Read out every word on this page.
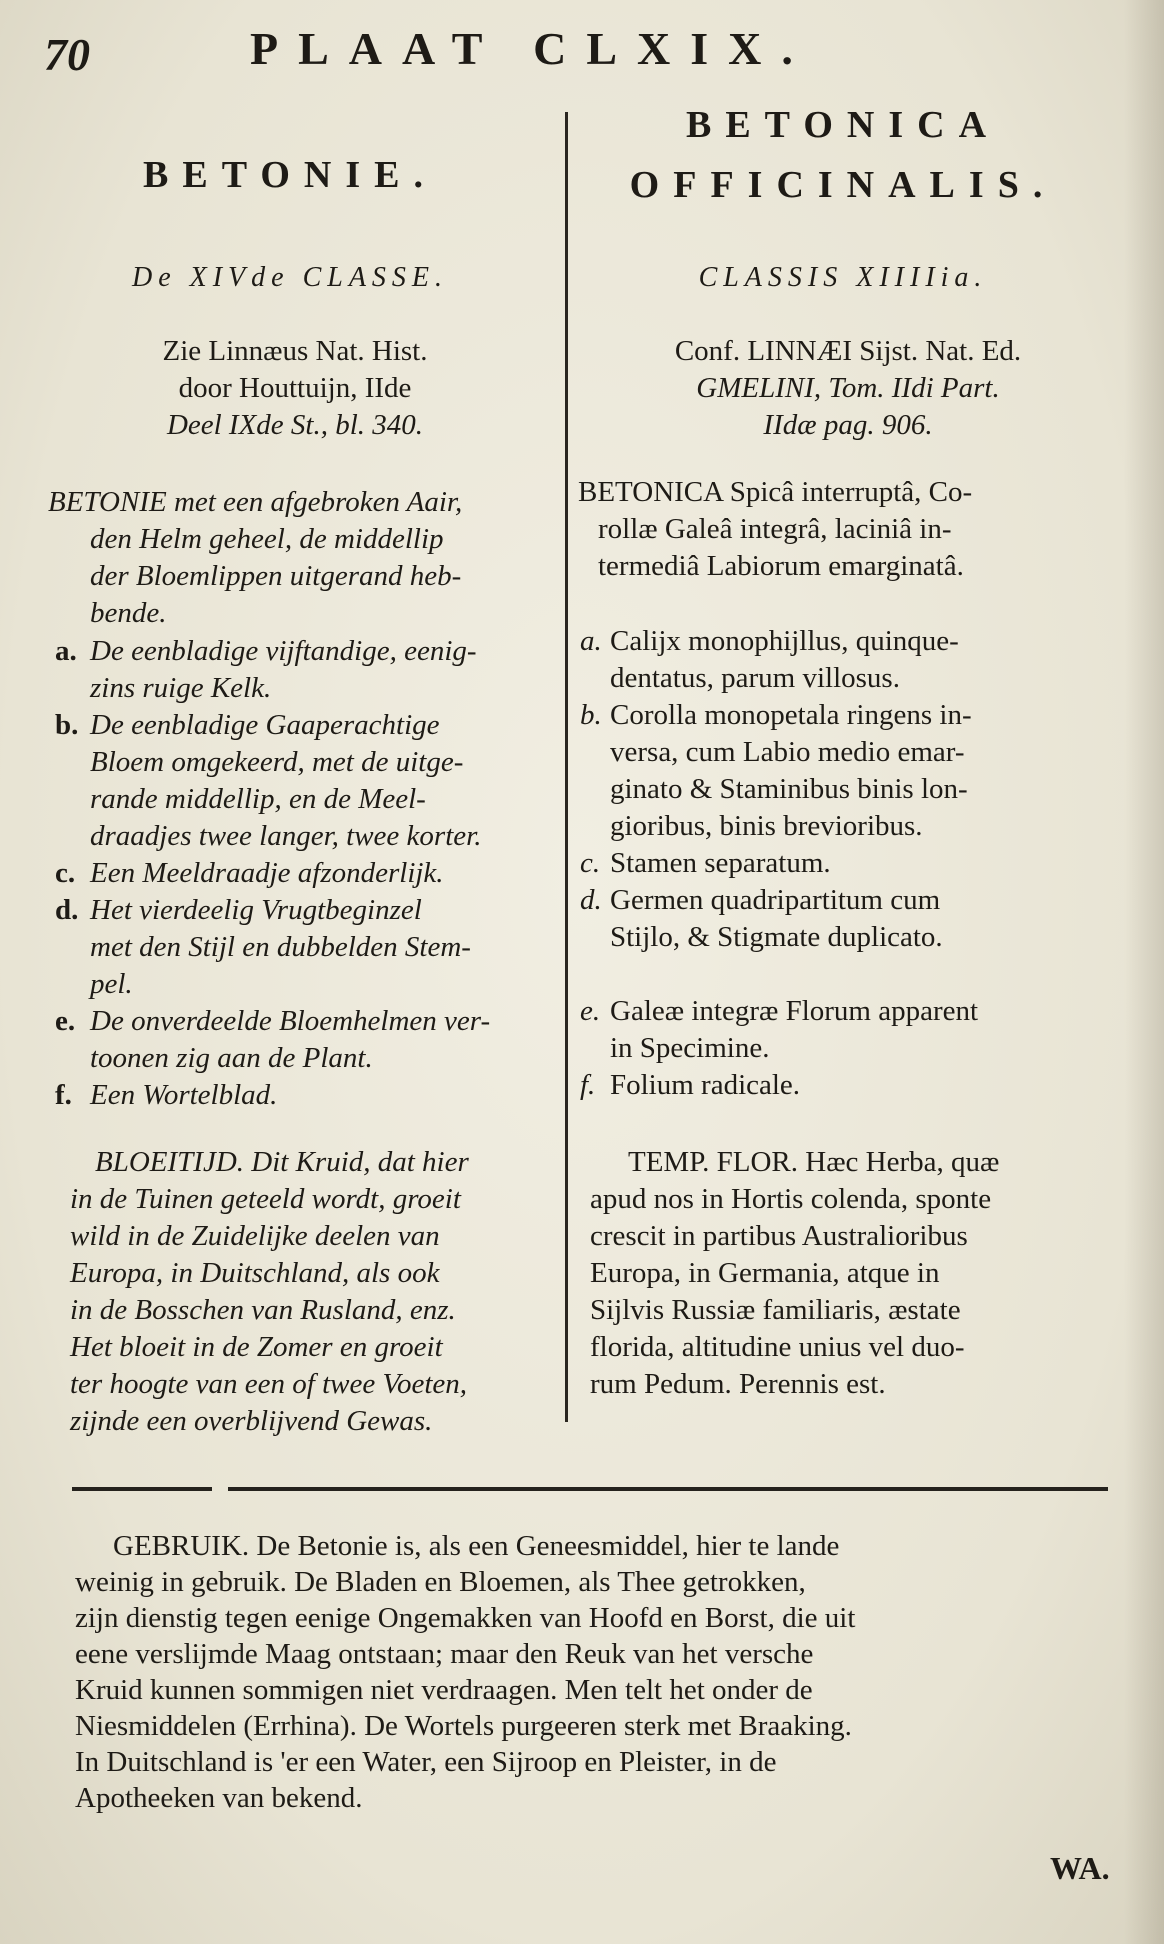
70	PLAAT CLXIX.
BETONIE.
De XIVde CLASSE.
Zie Linnæus Nat. Hist.
door Houttuijn, IIde
Deel IXde St., bl. 340.
BETONIE met een afgebroken Aair,
den Helm geheel, de middellip
der Bloemlippen uitgerand heb-
bende.
a. De eenbladige vijftandige, eenig-
zins ruige Kelk.
b. De eenbladige Gaaperachtige
Bloem omgekeerd, met de uitge-
rande middellip, en de Meel-
draadjes twee langer, twee korter.
c. Een Meeldraadje afzonderlijk.
d. Het vierdeelig Vrugtbeginzel
met den Stijl en dubbelden Stem-
pel.
e. De onverdeelde Bloemhelmen ver-
toonen zig aan de Plant.
f. Een Wortelblad.
BLOEITIJD. Dit Kruid, dat hier
in de Tuinen geteeld wordt, groeit
wild in de Zuidelijke deelen van
Europa, in Duitschland, als ook
in de Bosschen van Rusland, enz.
Het bloeit in de Zomer en groeit
ter hoogte van een of twee Voeten,
zijnde een overblijvend Gewas.
BETONICA
OFFICINALIS.
CLASSIS XIIIIia.
Conf. LINNÆI Sijst. Nat. Ed.
GMELINI, Tom. IIdi Part.
IIdæ pag. 906.
BETONICA Spicâ interruptâ, Co-
rollæ Galeâ integrâ, laciniâ in-
termediâ Labiorum emarginatâ.
a. Calijx monophijllus, quinque-
dentatus, parum villosus.
b. Corolla monopetala ringens in-
versa, cum Labio medio emar-
ginato & Staminibus binis lon-
gioribus, binis brevioribus.
c. Stamen separatum.
d. Germen quadripartitum cum
Stijlo, & Stigmate duplicato.
e. Galeæ integræ Florum apparent
in Specimine.
f. Folium radicale.
TEMP. FLOR. Hæc Herba, quæ
apud nos in Hortis colenda, sponte
crescit in partibus Australioribus
Europa, in Germania, atque in
Sijlvis Russiæ familiaris, æstate
florida, altitudine unius vel duo-
rum Pedum. Perennis est.
GEBRUIK. De Betonie is, als een Geneesmiddel, hier te lande
weinig in gebruik. De Bladen en Bloemen, als Thee getrokken,
zijn dienstig tegen eenige Ongemakken van Hoofd en Borst, die uit
eene verslijmde Maag ontstaan; maar den Reuk van het versche
Kruid kunnen sommigen niet verdraagen. Men telt het onder de
Niesmiddelen (Errhina). De Wortels purgeeren sterk met Braaking.
In Duitschland is 'er een Water, een Sijroop en Pleister, in de
Apotheeken van bekend.
WA.
